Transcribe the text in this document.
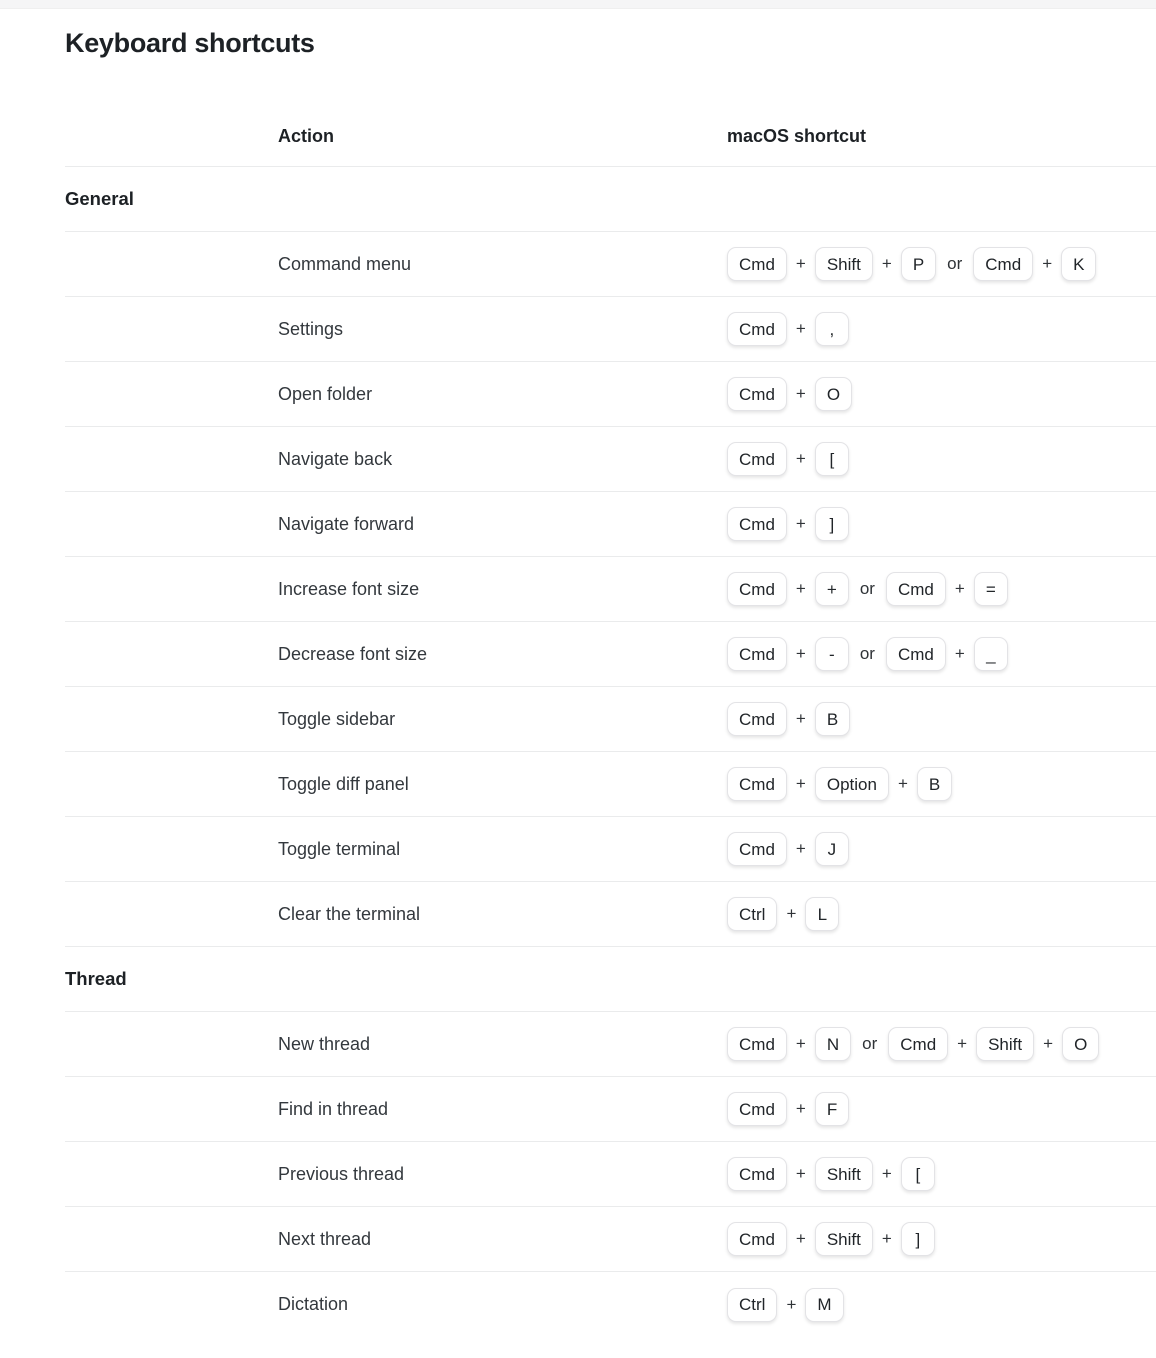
Keyboard shortcuts
Action	macOS shortcut
General
Command menu	Cmd	+	Shift	+	P	or	Cmd	+	K
Settings	Cmd	+	,
Open folder	Cmd	+	O
Navigate back	Cmd	+	[
Navigate forward	Cmd	+	]
Increase font size	Cmd	+	+	or	Cmd	+	=
Decrease font size	Cmd	+	-	or	Cmd	+	_
Toggle sidebar	Cmd	+	B
Toggle diff panel	Cmd	+	Option	+	B
Toggle terminal	Cmd	+	J
Clear the terminal	Ctrl	+	L
Thread
New thread	Cmd	+	N	or	Cmd	+	Shift	+	O
Find in thread	Cmd	+	F
Previous thread	Cmd	+	Shift	+	[
Next thread	Cmd	+	Shift	+	]
Dictation	Ctrl	+	M
